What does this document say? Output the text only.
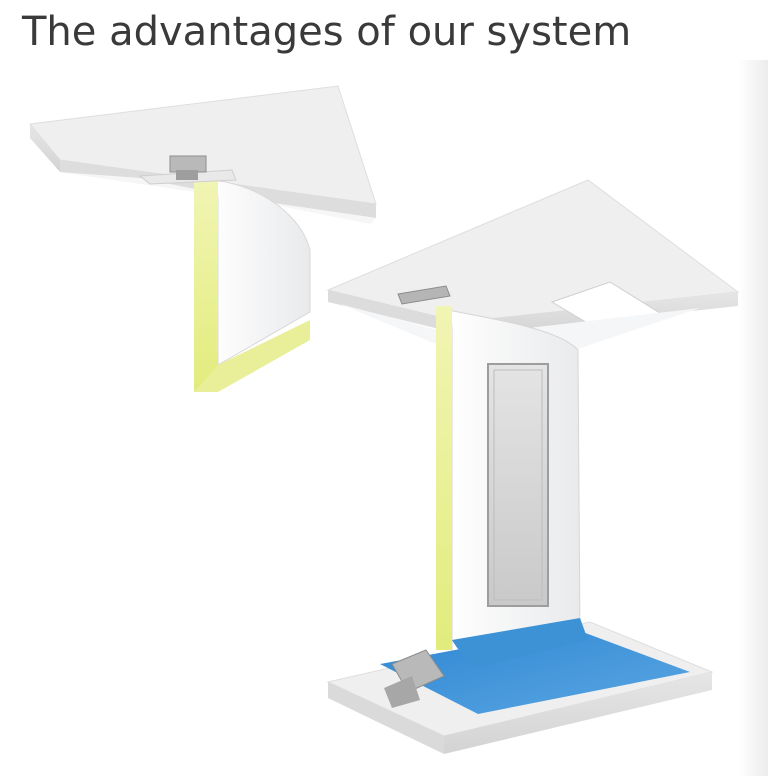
The advantages of our system
